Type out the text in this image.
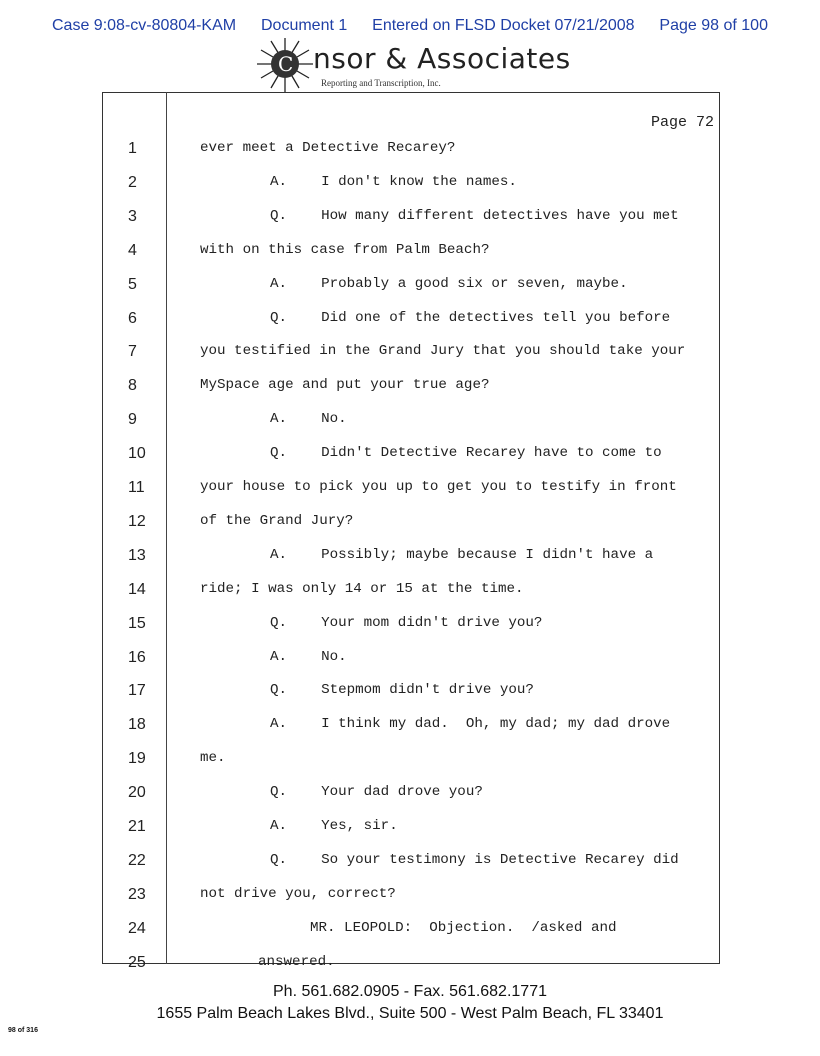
Case 9:08-cv-80804-KAM Document 1 Entered on FLSD Docket 07/21/2008 Page 98 of 100
C nsor & Associates
Reporting and Transcription, Inc.
Page 72
1	ever meet a Detective Recarey?
2	A.    I don't know the names.
3	Q.    How many different detectives have you met
4	with on this case from Palm Beach?
5	A.    Probably a good six or seven, maybe.
6	Q.    Did one of the detectives tell you before
7	you testified in the Grand Jury that you should take your
8	MySpace age and put your true age?
9	A.    No.
10	Q.    Didn't Detective Recarey have to come to
11	your house to pick you up to get you to testify in front
12	of the Grand Jury?
13	A.    Possibly; maybe because I didn't have a
14	ride; I was only 14 or 15 at the time.
15	Q.    Your mom didn't drive you?
16	A.    No.
17	Q.    Stepmom didn't drive you?
18	A.    I think my dad.  Oh, my dad; my dad drove
19	me.
20	Q.    Your dad drove you?
21	A.    Yes, sir.
22	Q.    So your testimony is Detective Recarey did
23	not drive you, correct?
24	MR. LEOPOLD:  Objection.  /asked and
25	answered.
Ph. 561.682.0905 - Fax. 561.682.1771
1655 Palm Beach Lakes Blvd., Suite 500 - West Palm Beach, FL 33401
98 of 316
